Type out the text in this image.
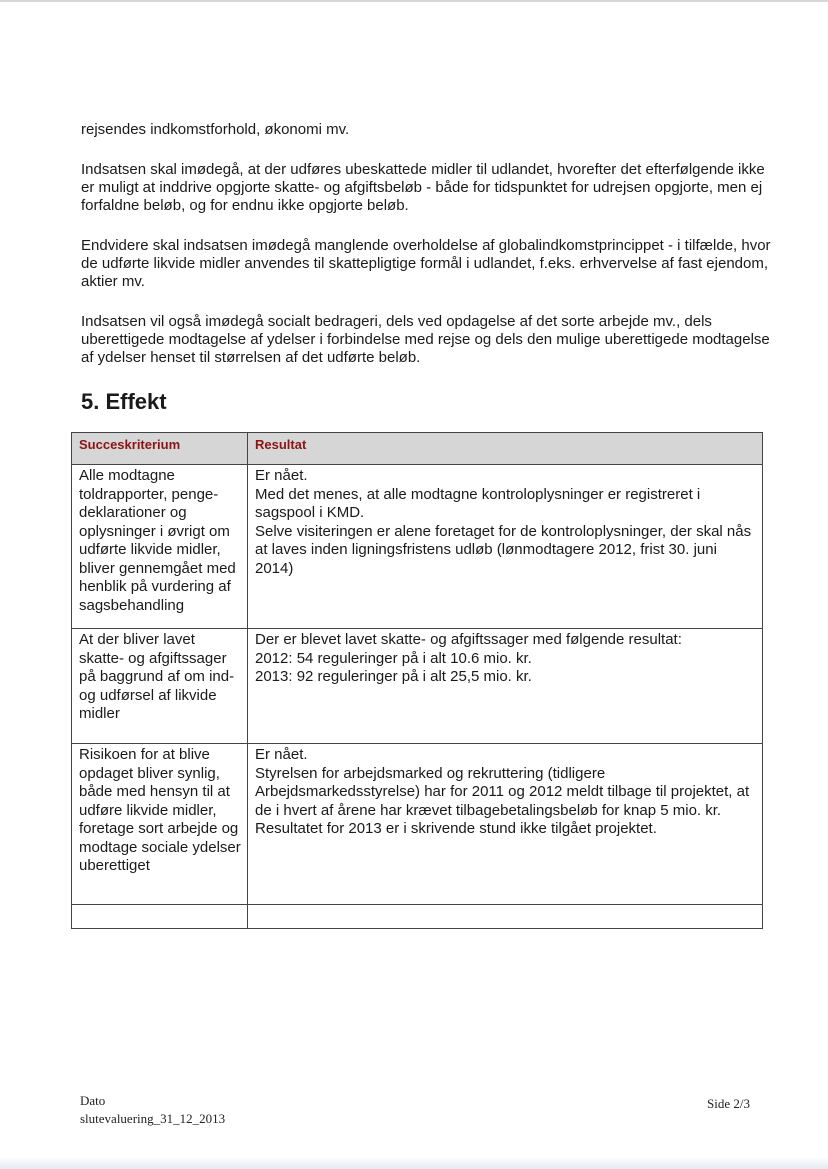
rejsendes indkomstforhold, økonomi mv.

Indsatsen skal imødegå, at der udføres ubeskattede midler til udlandet, hvorefter det efterfølgende ikke er muligt at inddrive opgjorte skatte- og afgiftsbeløb - både for tidspunktet for udrejsen opgjorte, men ej forfaldne beløb, og for endnu ikke opgjorte beløb.

Endvidere skal indsatsen imødegå manglende overholdelse af globalindkomstprincippet - i tilfælde, hvor de udførte likvide midler anvendes til skattepligtige formål i udlandet, f.eks. erhvervelse af fast ejendom, aktier mv.

Indsatsen vil også imødegå socialt bedrageri, dels ved opdagelse af det sorte arbejde mv., dels uberettigede modtagelse af ydelser i forbindelse med rejse og dels den mulige uberettigede modtagelse af ydelser henset til størrelsen af det udførte beløb.

5. Effekt
Succeskriterium	Resultat
Alle modtagne toldrapporter, penge-deklarationer og oplysninger i øvrigt om udførte likvide midler, bliver gennemgået med henblik på vurdering af sagsbehandling	Er nået.
Med det menes, at alle modtagne kontroloplysninger er registreret i sagspool i KMD.
Selve visiteringen er alene foretaget for de kontroloplysninger, der skal nås at laves inden ligningsfristens udløb (lønmodtagere 2012, frist 30. juni 2014)

At der bliver lavet skatte- og afgiftssager på baggrund af om ind- og udførsel af likvide midler	Der er blevet lavet skatte- og afgiftssager med følgende resultat:
2012: 54 reguleringer på i alt 10.6 mio. kr.
2013: 92 reguleringer på i alt 25,5 mio. kr.

Risikoen for at blive opdaget bliver synlig, både med hensyn til at udføre likvide midler, foretage sort arbejde og modtage sociale ydelser uberettiget	Er nået.
Styrelsen for arbejdsmarked og rekruttering (tidligere Arbejdsmarkedsstyrelse) har for 2011 og 2012 meldt tilbage til projektet, at de i hvert af årene har krævet tilbagebetalingsbeløb for knap 5 mio. kr. Resultatet for 2013 er i skrivende stund ikke tilgået projektet.

Dato
slutevaluering_31_12_2013
Side 2/3
